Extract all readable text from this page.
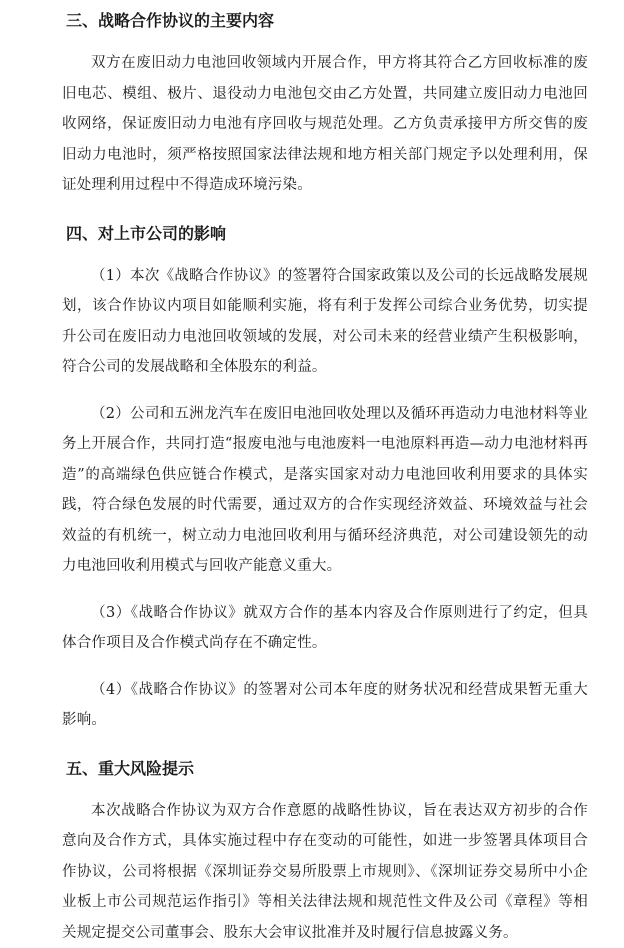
三、战略合作协议的主要内容

双方在废旧动力电池回收领域内开展合作，甲方将其符合乙方回收标准的废旧电芯、模组、极片、退役动力电池包交由乙方处置，共同建立废旧动力电池回收网络，保证废旧动力电池有序回收与规范处理。乙方负责承接甲方所交售的废旧动力电池时，须严格按照国家法律法规和地方相关部门规定予以处理利用，保证处理利用过程中不得造成环境污染。

四、对上市公司的影响

（1）本次《战略合作协议》的签署符合国家政策以及公司的长远战略发展规划，该合作协议内项目如能顺利实施，将有利于发挥公司综合业务优势，切实提升公司在废旧动力电池回收领域的发展，对公司未来的经营业绩产生积极影响，符合公司的发展战略和全体股东的利益。

（2）公司和五洲龙汽车在废旧电池回收处理以及循环再造动力电池材料等业务上开展合作，共同打造“报废电池与电池废料一电池原料再造—动力电池材料再造”的高端绿色供应链合作模式，是落实国家对动力电池回收利用要求的具体实践，符合绿色发展的时代需要，通过双方的合作实现经济效益、环境效益与社会效益的有机统一，树立动力电池回收利用与循环经济典范，对公司建设领先的动力电池回收利用模式与回收产能意义重大。

（3）《战略合作协议》就双方合作的基本内容及合作原则进行了约定，但具体合作项目及合作模式尚存在不确定性。

（4）《战略合作协议》的签署对公司本年度的财务状况和经营成果暂无重大影响。

五、重大风险提示

本次战略合作协议为双方合作意愿的战略性协议，旨在表达双方初步的合作意向及合作方式，具体实施过程中存在变动的可能性，如进一步签署具体项目合作协议，公司将根据《深圳证券交易所股票上市规则》、《深圳证券交易所中小企业板上市公司规范运作指引》等相关法律法规和规范性文件及公司《章程》等相关规定提交公司董事会、股东大会审议批准并及时履行信息披露义务。
